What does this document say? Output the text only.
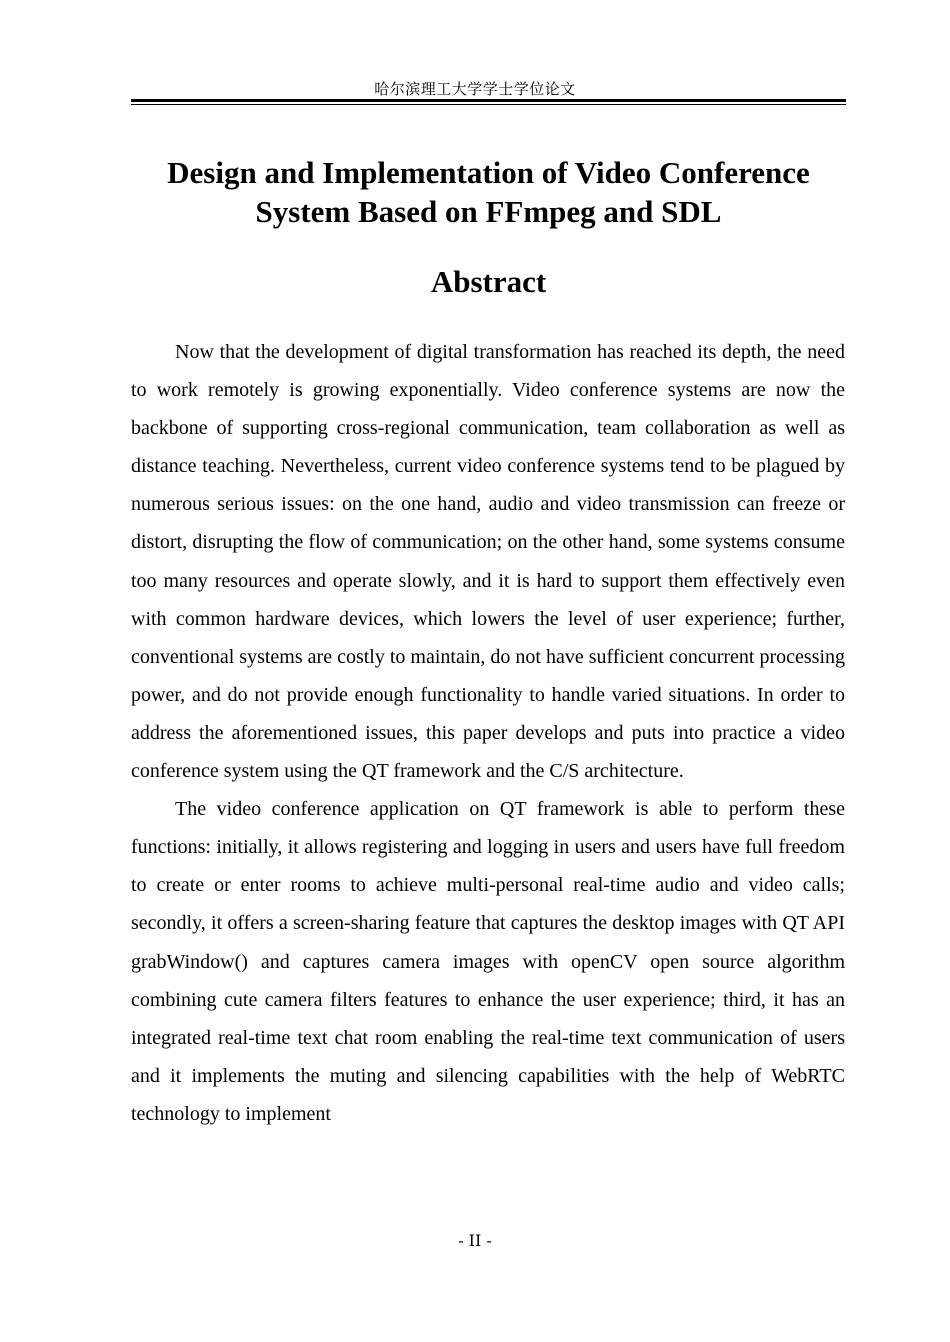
哈尔滨理工大学学士学位论文
Design and Implementation of Video Conference System Based on FFmpeg and SDL
Abstract

Now that the development of digital transformation has reached its depth, the need to work remotely is growing exponentially. Video conference systems are now the backbone of supporting cross-regional communication, team collaboration as well as distance teaching. Nevertheless, current video conference systems tend to be plagued by numerous serious issues: on the one hand, audio and video transmission can freeze or distort, disrupting the flow of communication; on the other hand, some systems consume too many resources and operate slowly, and it is hard to support them effectively even with common hardware devices, which lowers the level of user experience; further, conventional systems are costly to maintain, do not have sufficient concurrent processing power, and do not provide enough functionality to handle varied situations. In order to address the aforementioned issues, this paper develops and puts into practice a video conference system using the QT framework and the C/S architecture.

The video conference application on QT framework is able to perform these functions: initially, it allows registering and logging in users and users have full freedom to create or enter rooms to achieve multi-personal real-time audio and video calls; secondly, it offers a screen-sharing feature that captures the desktop images with QT API grabWindow() and captures camera images with openCV open source algorithm combining cute camera filters features to enhance the user experience; third, it has an integrated real-time text chat room enabling the real-time text communication of users and it implements the muting and silencing capabilities with the help of WebRTC technology to implement

- II -
